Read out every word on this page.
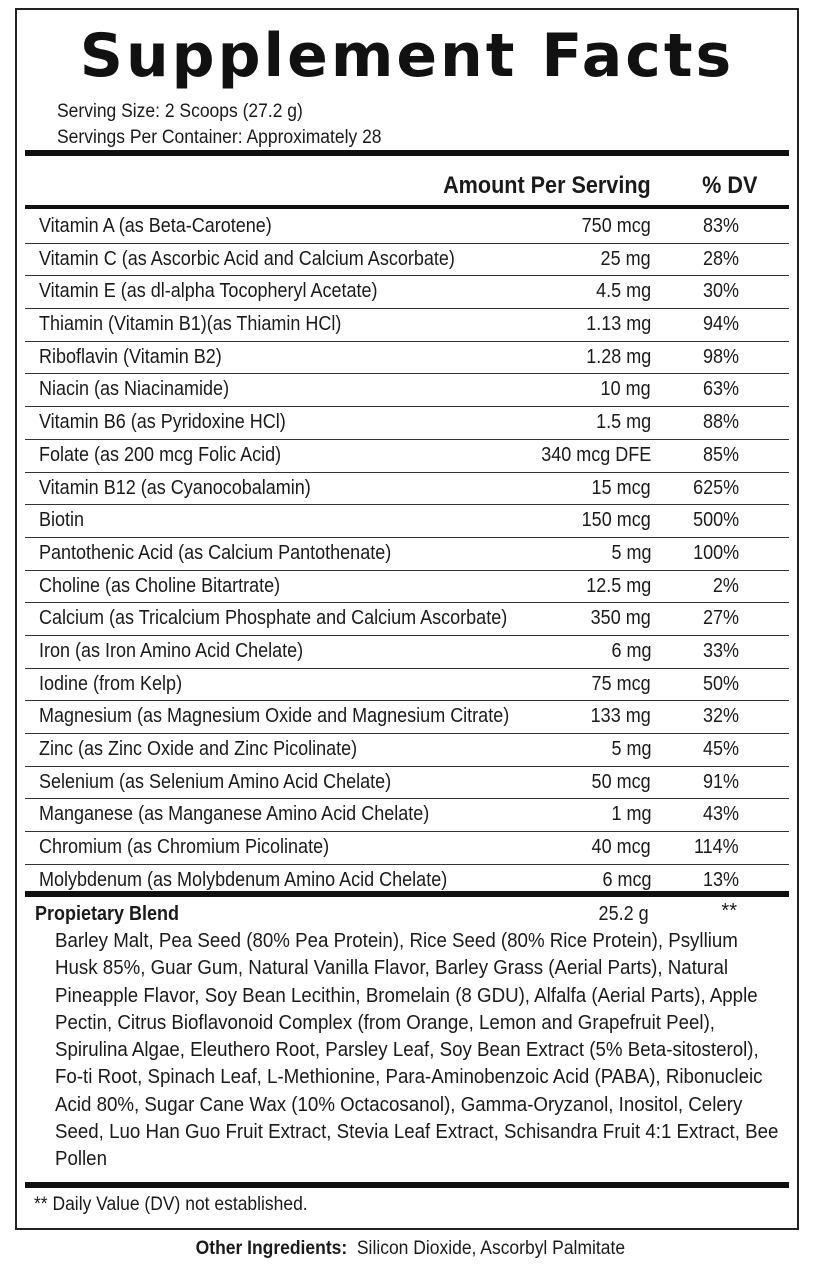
Supplement Facts
Serving Size: 2 Scoops (27.2 g)
Servings Per Container: Approximately 28
Amount Per Serving % DV
Vitamin A (as Beta-Carotene)	750 mcg	83%
Vitamin C (as Ascorbic Acid and Calcium Ascorbate)	25 mg	28%
Vitamin E (as dl-alpha Tocopheryl Acetate)	4.5 mg	30%
Thiamin (Vitamin B1)(as Thiamin HCl)	1.13 mg	94%
Riboflavin (Vitamin B2)	1.28 mg	98%
Niacin (as Niacinamide)	10 mg	63%
Vitamin B6 (as Pyridoxine HCl)	1.5 mg	88%
Folate (as 200 mcg Folic Acid)	340 mcg DFE	85%
Vitamin B12 (as Cyanocobalamin)	15 mcg 625%
Biotin	150 mcg 500%
Pantothenic Acid (as Calcium Pantothenate)	5 mg 100%
Choline (as Choline Bitartrate)	12.5 mg	2%
Calcium (as Tricalcium Phosphate and Calcium Ascorbate)	350 mg	27%
Iron (as Iron Amino Acid Chelate)	6 mg	33%
Iodine (from Kelp)	75 mcg	50%
Magnesium (as Magnesium Oxide and Magnesium Citrate)	133 mg	32%
Zinc (as Zinc Oxide and Zinc Picolinate)	5 mg	45%
Selenium (as Selenium Amino Acid Chelate)	50 mcg	91%
Manganese (as Manganese Amino Acid Chelate)	1 mg	43%
Chromium (as Chromium Picolinate)	40 mcg 114%
Molybdenum (as Molybdenum Amino Acid Chelate)	6 mcg	13%
Propietary Blend	25.2 g	**
Barley Malt, Pea Seed (80% Pea Protein), Rice Seed (80% Rice Protein), Psyllium Husk 85%, Guar Gum, Natural Vanilla Flavor, Barley Grass (Aerial Parts), Natural Pineapple Flavor, Soy Bean Lecithin, Bromelain (8 GDU), Alfalfa (Aerial Parts), Apple Pectin, Citrus Bioflavonoid Complex (from Orange, Lemon and Grapefruit Peel), Spirulina Algae, Eleuthero Root, Parsley Leaf, Soy Bean Extract (5% Beta-sitosterol), Fo-ti Root, Spinach Leaf, L-Methionine, Para-Aminobenzoic Acid (PABA), Ribonucleic Acid 80%, Sugar Cane Wax (10% Octacosanol), Gamma-Oryzanol, Inositol, Celery Seed, Luo Han Guo Fruit Extract, Stevia Leaf Extract, Schisandra Fruit 4:1 Extract, Bee Pollen
** Daily Value (DV) not established.
Other Ingredients: Silicon Dioxide, Ascorbyl Palmitate
